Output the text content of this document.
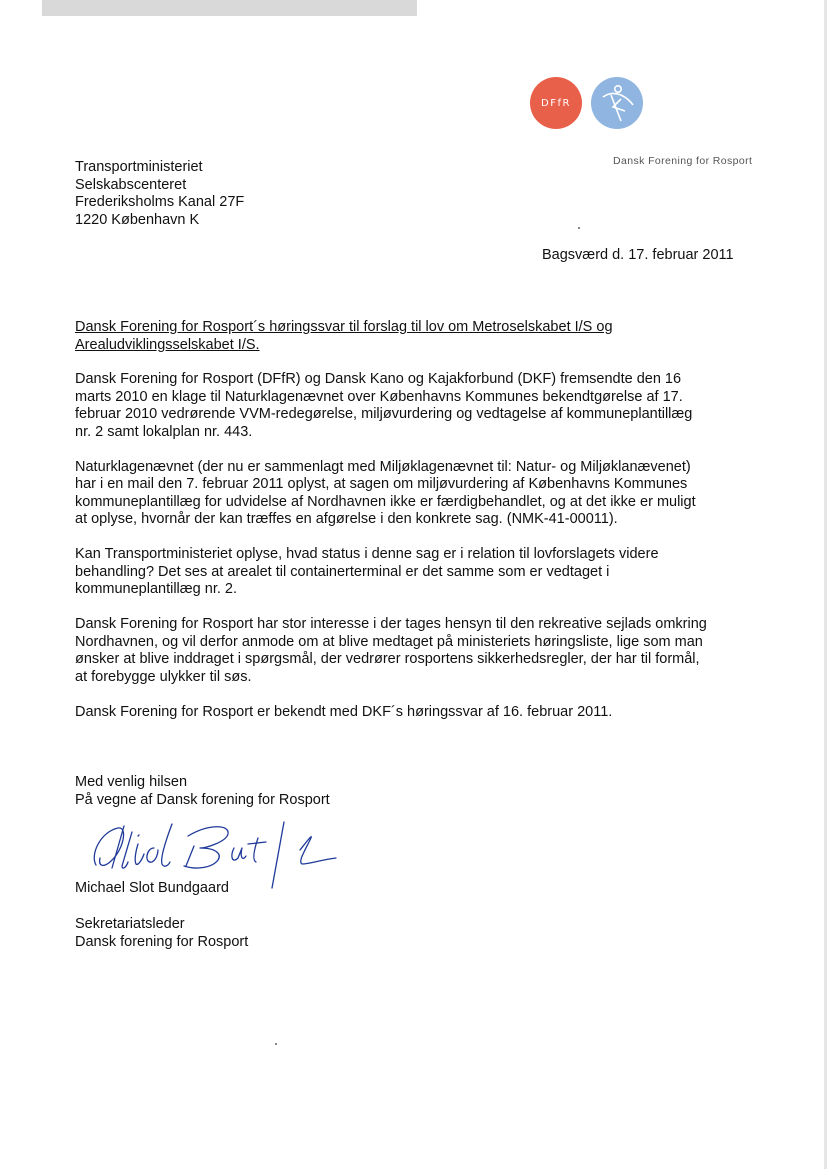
DFfR
Dansk Forening for Rosport
Transportministeriet
Selskabscenteret
Frederiksholms Kanal 27F
1220 København K
Bagsværd d. 17. februar 2011
Dansk Forening for Rosport´s høringssvar til forslag til lov om Metroselskabet I/S og
Arealudviklingsselskabet I/S.

Dansk Forening for Rosport (DFfR) og Dansk Kano og Kajakforbund (DKF) fremsendte den 16
marts 2010 en klage til Naturklagenævnet over Københavns Kommunes bekendtgørelse af 17.
februar 2010 vedrørende VVM-redegørelse, miljøvurdering og vedtagelse af kommuneplantillæg
nr. 2 samt lokalplan nr. 443.

Naturklagenævnet (der nu er sammenlagt med Miljøklagenævnet til: Natur- og Miljøklanævenet)
har i en mail den 7. februar 2011 oplyst, at sagen om miljøvurdering af Københavns Kommunes
kommuneplantillæg for udvidelse af Nordhavnen ikke er færdigbehandlet, og at det ikke er muligt
at oplyse, hvornår der kan træffes en afgørelse i den konkrete sag. (NMK-41-00011).

Kan Transportministeriet oplyse, hvad status i denne sag er i relation til lovforslagets videre
behandling? Det ses at arealet til containerterminal er det samme som er vedtaget i
kommuneplantillæg nr. 2.

Dansk Forening for Rosport har stor interesse i der tages hensyn til den rekreative sejlads omkring
Nordhavnen, og vil derfor anmode om at blive medtaget på ministeriets høringsliste, lige som man
ønsker at blive inddraget i spørgsmål, der vedrører rosportens sikkerhedsregler, der har til formål,
at forebygge ulykker til søs.

Dansk Forening for Rosport er bekendt med DKF´s høringssvar af 16. februar 2011.

Med venlig hilsen
På vegne af Dansk forening for Rosport
Michael Slot Bundgaard
Sekretariatsleder
Dansk forening for Rosport
